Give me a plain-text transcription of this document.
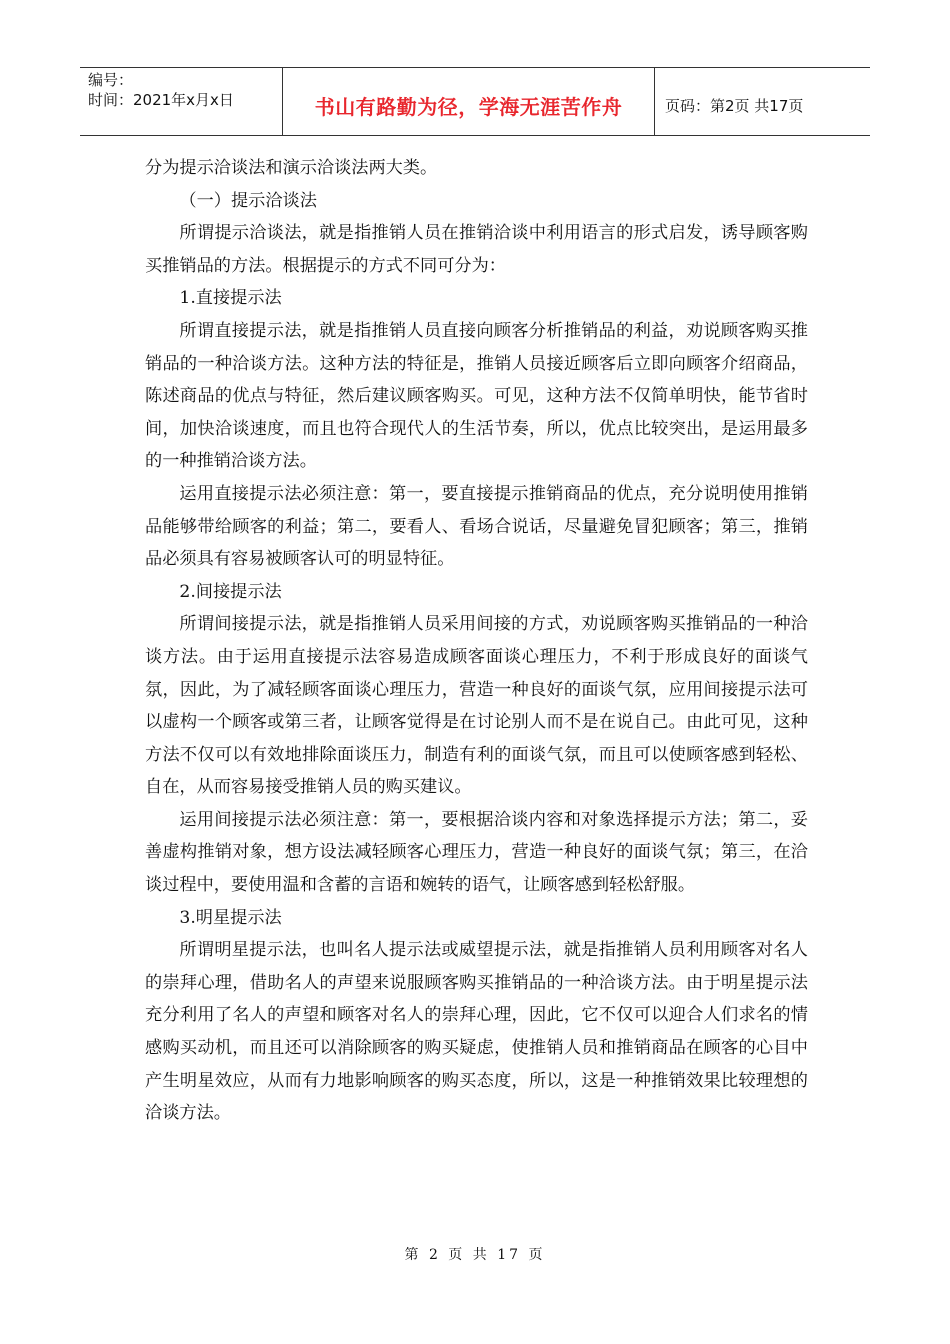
编号：
时间：2021年x月x日	书山有路勤为径，学海无涯苦作舟	页码：第2页 共17页

分为提示洽谈法和演示洽谈法两大类。

（一）提示洽谈法

所谓提示洽谈法，就是指推销人员在推销洽谈中利用语言的形式启发，诱导顾客购买推销品的方法。根据提示的方式不同可分为：

1.直接提示法

所谓直接提示法，就是指推销人员直接向顾客分析推销品的利益，劝说顾客购买推销品的一种洽谈方法。这种方法的特征是，推销人员接近顾客后立即向顾客介绍商品，陈述商品的优点与特征，然后建议顾客购买。可见，这种方法不仅简单明快，能节省时间，加快洽谈速度，而且也符合现代人的生活节奏，所以，优点比较突出，是运用最多的一种推销洽谈方法。

运用直接提示法必须注意：第一，要直接提示推销商品的优点，充分说明使用推销品能够带给顾客的利益；第二，要看人、看场合说话，尽量避免冒犯顾客；第三，推销品必须具有容易被顾客认可的明显特征。

2.间接提示法

所谓间接提示法，就是指推销人员采用间接的方式，劝说顾客购买推销品的一种洽谈方法。由于运用直接提示法容易造成顾客面谈心理压力，不利于形成良好的面谈气氛，因此，为了减轻顾客面谈心理压力，营造一种良好的面谈气氛，应用间接提示法可以虚构一个顾客或第三者，让顾客觉得是在讨论别人而不是在说自己。由此可见，这种方法不仅可以有效地排除面谈压力，制造有利的面谈气氛，而且可以使顾客感到轻松、自在，从而容易接受推销人员的购买建议。

运用间接提示法必须注意：第一，要根据洽谈内容和对象选择提示方法；第二，妥善虚构推销对象，想方设法减轻顾客心理压力，营造一种良好的面谈气氛；第三，在洽谈过程中，要使用温和含蓄的言语和婉转的语气，让顾客感到轻松舒服。

3.明星提示法

所谓明星提示法，也叫名人提示法或威望提示法，就是指推销人员利用顾客对名人的崇拜心理，借助名人的声望来说服顾客购买推销品的一种洽谈方法。由于明星提示法充分利用了名人的声望和顾客对名人的崇拜心理，因此，它不仅可以迎合人们求名的情感购买动机，而且还可以消除顾客的购买疑虑，使推销人员和推销商品在顾客的心目中产生明星效应，从而有力地影响顾客的购买态度，所以，这是一种推销效果比较理想的洽谈方法。

第 2 页 共 17 页
